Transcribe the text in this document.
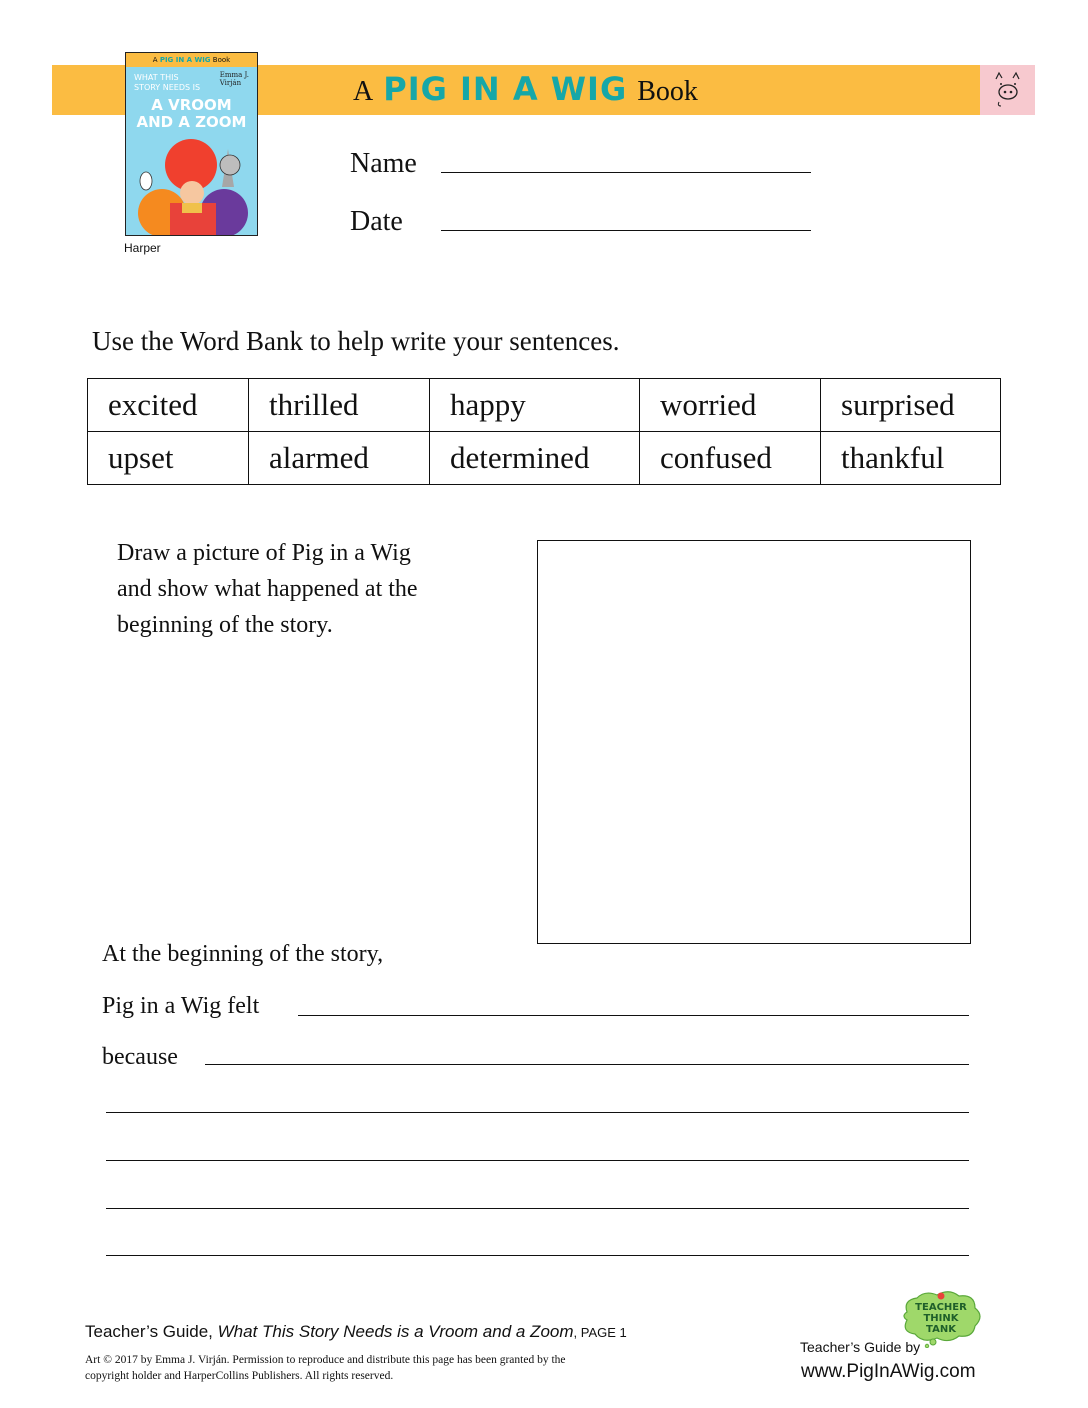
A PIG IN A WIG Book
A PIG IN A WIG Book
WHAT THIS
STORY NEEDS IS
Emma J.
Virján
A VROOM
AND A ZOOM
Harper
Name
Date
Use the Word Bank to help write your sentences.
excited	thrilled	happy	worried	surprised
upset	alarmed	determined	confused	thankful
Draw a picture of Pig in a Wig
and show what happened at the
beginning of the story.
At the beginning of the story,
Pig in a Wig felt
because
Teacher’s Guide, What This Story Needs is a Vroom and a Zoom, PAGE 1
Art © 2017 by Emma J. Virján. Permission to reproduce and distribute this page has been granted by the
copyright holder and HarperCollins Publishers. All rights reserved.
TEACHER
THINK
TANK
Teacher’s Guide by
www.PigInAWig.com
